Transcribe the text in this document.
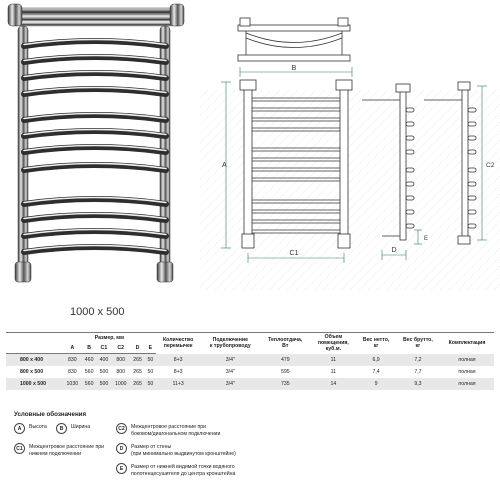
B
A
C1	D
E
C2
1000 x 500
	Размер, мм						Количество
перемычек	Подключение
к трубопроводу	Теплоотдача,
Вт	Объем
помещения,
куб.м.	Вес нетто,
кг	Вес брутто,
кг	Комплектация
	A	B	C1	C2	D	E							
800 x 400	830	460	400	800	265	50	8+3	3/4"	479	11	6,9	7,2	полная
800 x 500	830	560	500	800	265	50	8+3	3/4"	595	11	7,4	7,7	полная
1000 x 500	1030	560	500	1000	265	50	11+3	3/4"	735	14	9	9,3	полная
Условные обозначения
A	Высота	B	Ширина	C2	Межцентровое расстояние при
боковом/диагональном подключении
C1	Межцентровое расстояние при
нижнем подключении
D	Размер от стены
(при минимально выдвинутом кронштейне)
E	Размер от нижней видимой точки водяного
полотенцесушителя до центра кронштейна
